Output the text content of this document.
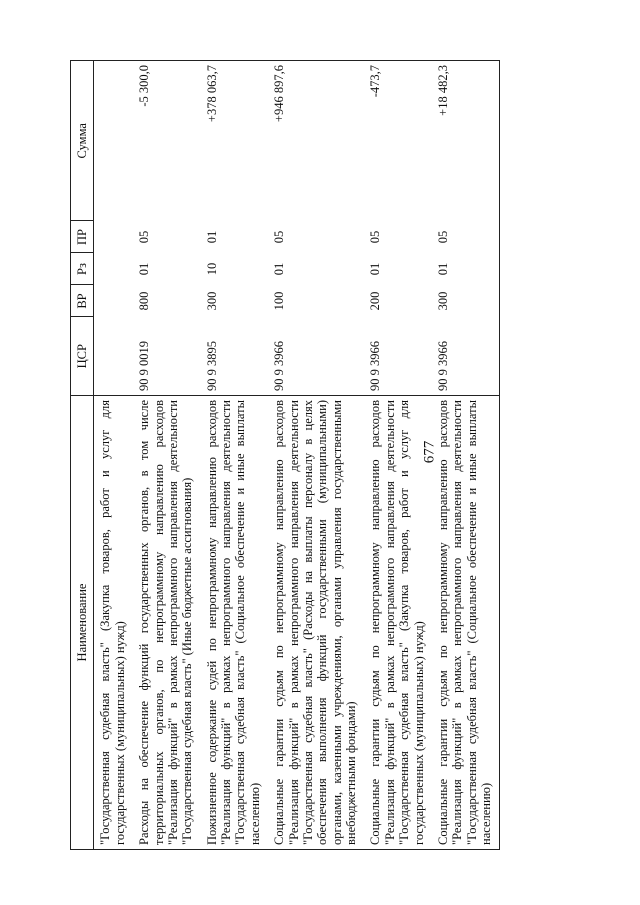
677
Наименование	ЦСР	ВР	Рз	ПР	Сумма
"Государственная судебная власть" (Закупка товаров, работ и услуг для государственных (муниципальных) нужд)					
Расходы на обеспечение функций государственных органов, в том числе территориальных органов, по непрограммному направлению расходов "Реализация функций" в рамках непрограммного направления деятельности "Государственная судебная власть" (Иные бюджетные ассигнования)	90 9 0019	800	01	05	-5 300,0
Пожизненное содержание судей по непрограммному направлению расходов "Реализация функций" в рамках непрограммного направления деятельности "Государственная судебная власть" (Социальное обеспечение и иные выплаты населению)	90 9 3895	300	10	01	+378 063,7
Социальные гарантии судьям по непрограммному направлению расходов "Реализация функций" в рамках непрограммного направления деятельности "Государственная судебная власть" (Расходы на выплаты персоналу в целях обеспечения выполнения функций государственными (муниципальными) органами, казенными учреждениями, органами управления государственными внебюджетными фондами)	90 9 3966	100	01	05	+946 897,6
Социальные гарантии судьям по непрограммному направлению расходов "Реализация функций" в рамках непрограммного направления деятельности "Государственная судебная власть" (Закупка товаров, работ и услуг для государственных (муниципальных) нужд)	90 9 3966	200	01	05	-473,7
Социальные гарантии судьям по непрограммному направлению расходов "Реализация функций" в рамках непрограммного направления деятельности "Государственная судебная власть" (Социальное обеспечение и иные выплаты населению)	90 9 3966	300	01	05	+18 482,3
